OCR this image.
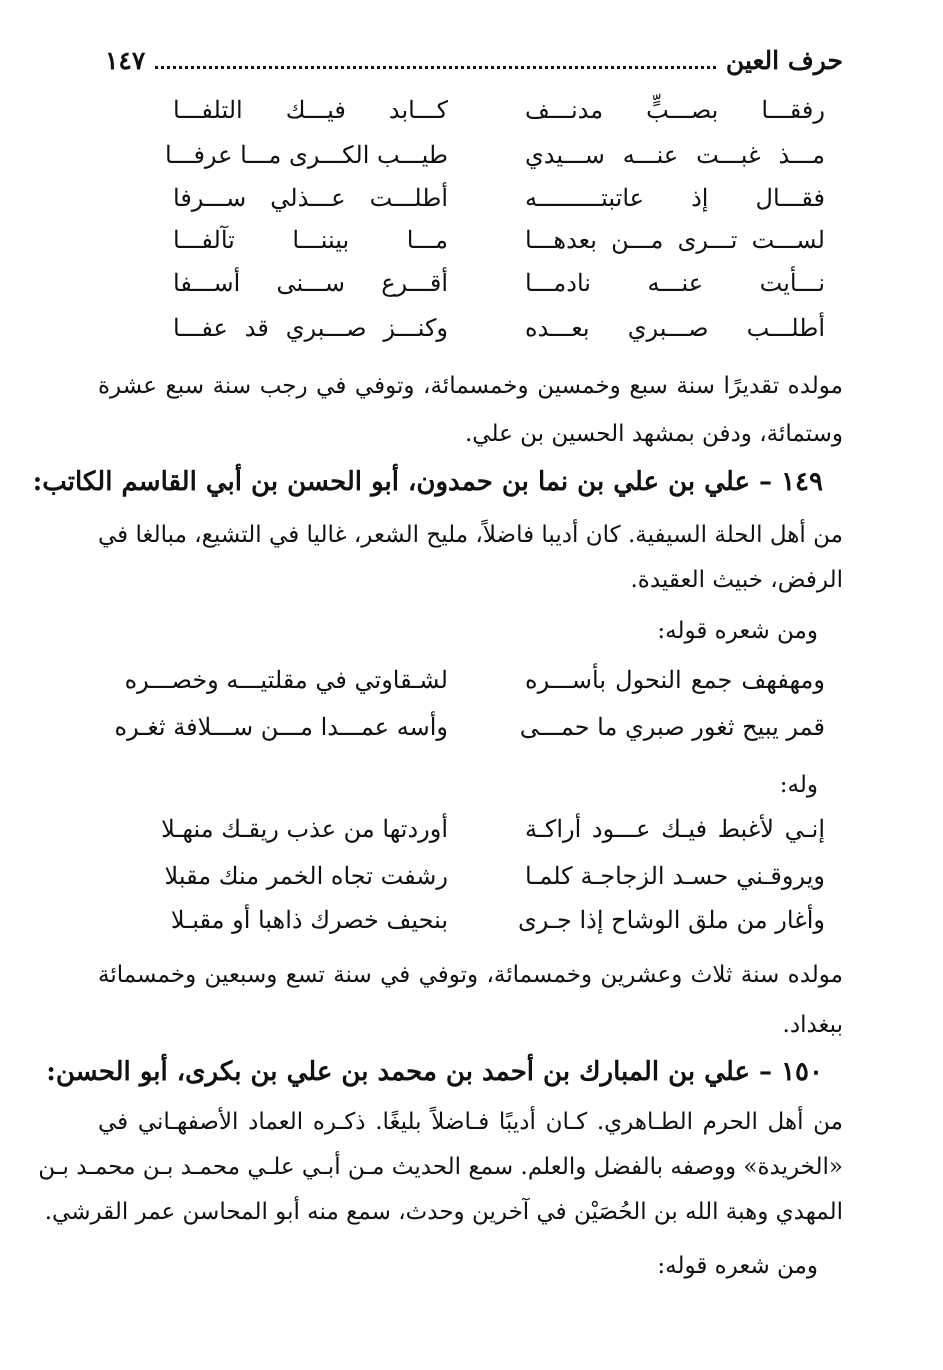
حرف العين
١٤٧
رفقـــا بصـــبٍّ مدنـــف
كـــابد فيـــك التلفـــا
مـــذ غبـــت عنـــه ســـيدي
طيـــب الكـــرى مـــا عرفـــا
فقـــال إذ عاتبتـــــــــه
أطلـــت عـــذلي ســـرفا
لســـت تـــرى مـــن بعدهـــا
مـــا بيننـــا تآلفـــا
نـــأيت عنـــه نادمـــا
أقـــرع ســـنى أســـفا
أطلـــب صـــبري بعـــده
وكنـــز صـــبري قد عفـــا
مولده تقديرًا سنة سبع وخمسين وخمسمائة، وتوفي في رجب سنة سبع عشرة
وستمائة، ودفن بمشهد الحسين بن علي.
١٤٩ – علي بن علي بن نما بن حمدون، أبو الحسن بن أبي القاسم الكاتب:
من أهل الحلة السيفية. كان أديبا فاضلاً، مليح الشعر، غاليا في التشيع، مبالغا في
الرفض، خبيث العقيدة.
ومن شعره قوله:
ومهفهف جمع النحول بأســـره
لشـقاوتي في مقلتيـــه وخصـــره
قمر يبيح ثغور صبري ما حمـــى
وأسه عمـــدا مـــن ســـلافة ثغـره
وله:
إنـي لأغبط فيـك عـــود أراكـة
أوردتها من عذب ريقـك منهـلا
ويروقـني حسـد الزجاجـة كلمـا
رشفت تجاه الخمر منك مقبلا
وأغار من ملق الوشاح إذا جـرى
بنحيف خصرك ذاهبا أو مقبـلا
مولده سنة ثلاث وعشرين وخمسمائة، وتوفي في سنة تسع وسبعين وخمسمائة
ببغداد.
١٥٠ – علي بن المبارك بن أحمد بن محمد بن علي بن بكرى، أبو الحسن:
من أهل الحرم الطـاهري. كـان أديبًا فـاضلاً بليغًا. ذكـره العماد الأصفهـاني في
«الخريدة» ووصفه بالفضل والعلم. سمع الحديث مـن أبـي علـي محمـد بـن محمـد بـن
المهدي وهبة الله بن الحُصَيْن في آخرين وحدث، سمع منه أبو المحاسن عمر القرشي.
ومن شعره قوله:
